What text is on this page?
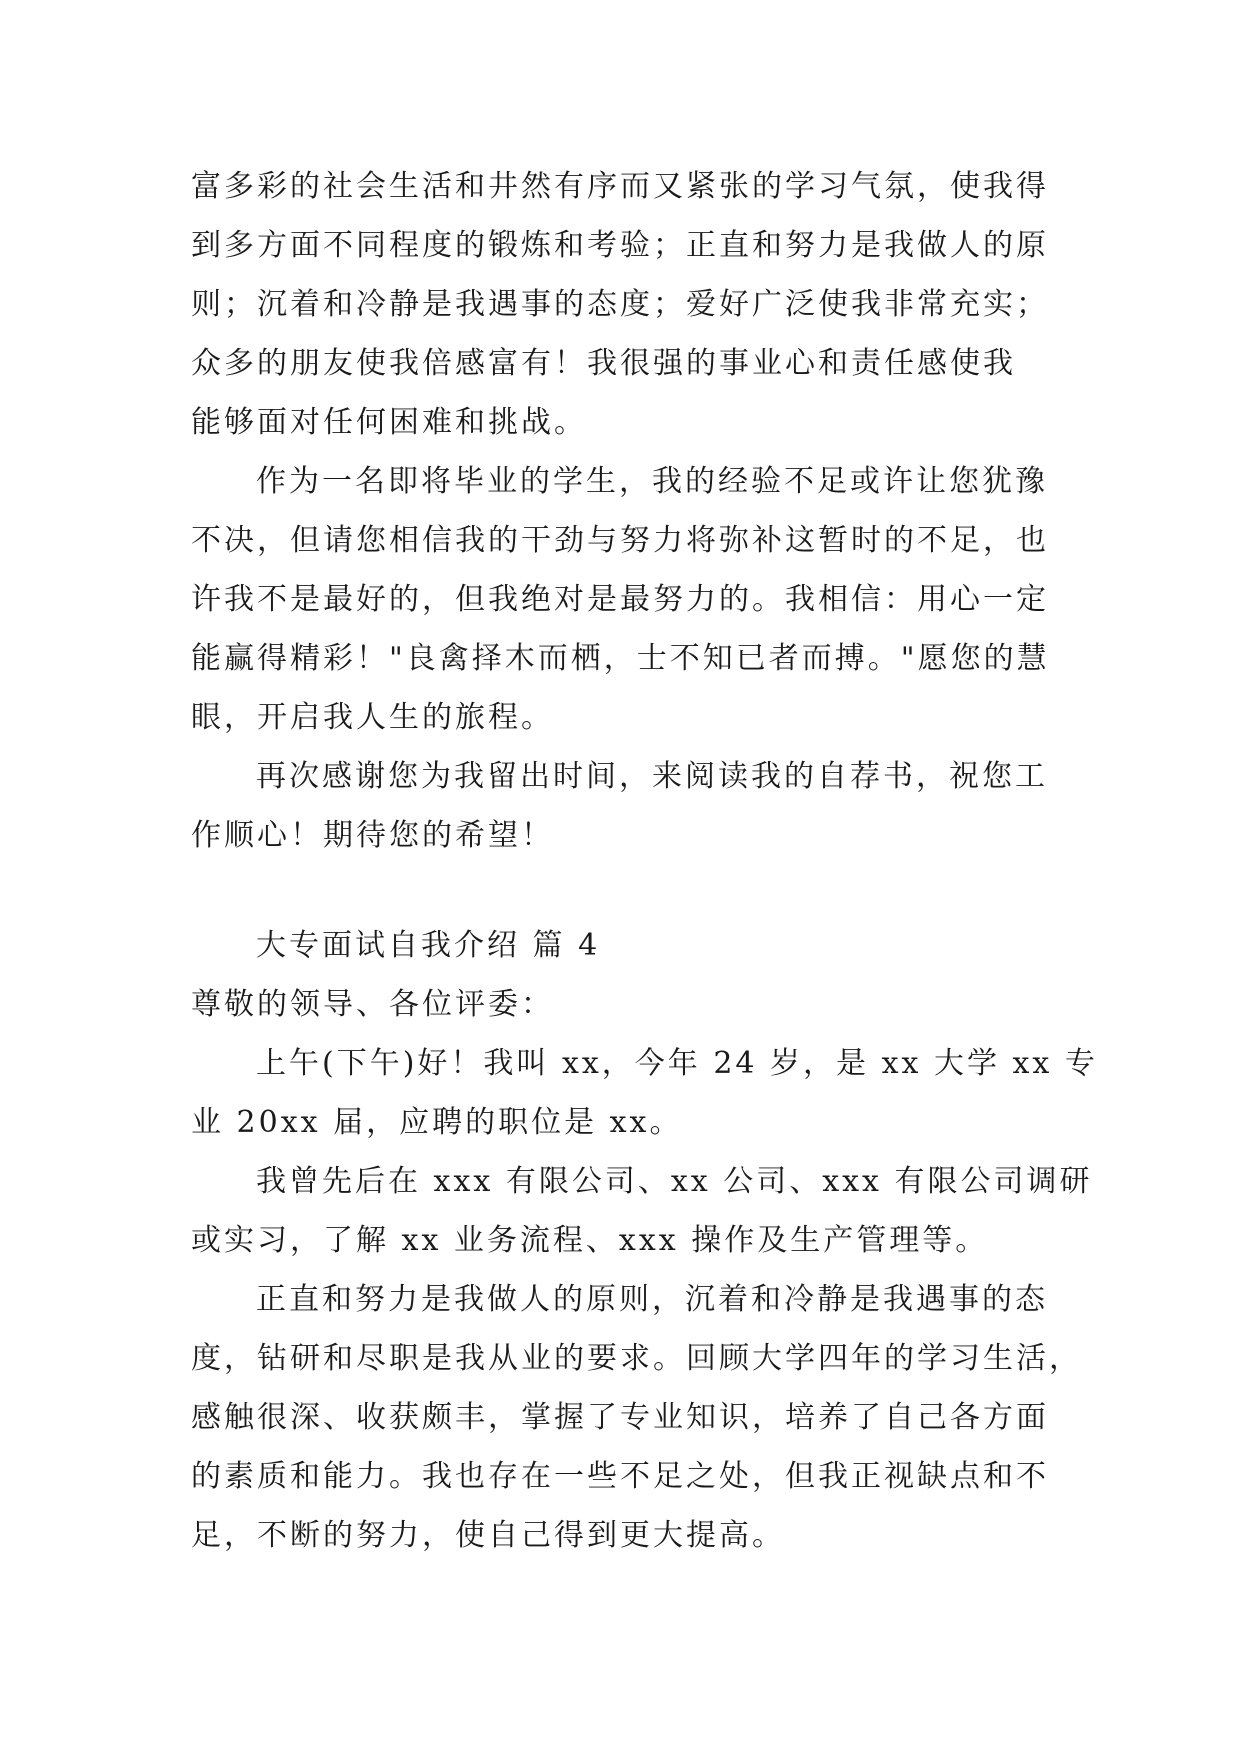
富多彩的社会生活和井然有序而又紧张的学习气氛，使我得
到多方面不同程度的锻炼和考验；正直和努力是我做人的原
则；沉着和冷静是我遇事的态度；爱好广泛使我非常充实；
众多的朋友使我倍感富有！我很强的事业心和责任感使我
能够面对任何困难和挑战。
作为一名即将毕业的学生，我的经验不足或许让您犹豫
不决，但请您相信我的干劲与努力将弥补这暂时的不足，也
许我不是最好的，但我绝对是最努力的。我相信：用心一定
能赢得精彩！"良禽择木而栖，士不知已者而搏。"愿您的慧
眼，开启我人生的旅程。
再次感谢您为我留出时间，来阅读我的自荐书，祝您工
作顺心！期待您的希望！
大专面试自我介绍 篇 4
尊敬的领导、各位评委：
上午(下午)好！我叫 xx，今年 24 岁，是 xx 大学 xx 专
业 20xx 届，应聘的职位是 xx。
我曾先后在 xxx 有限公司、xx 公司、xxx 有限公司调研
或实习，了解 xx 业务流程、xxx 操作及生产管理等。
正直和努力是我做人的原则，沉着和冷静是我遇事的态
度，钻研和尽职是我从业的要求。回顾大学四年的学习生活，
感触很深、收获颇丰，掌握了专业知识，培养了自己各方面
的素质和能力。我也存在一些不足之处，但我正视缺点和不
足，不断的努力，使自己得到更大提高。
